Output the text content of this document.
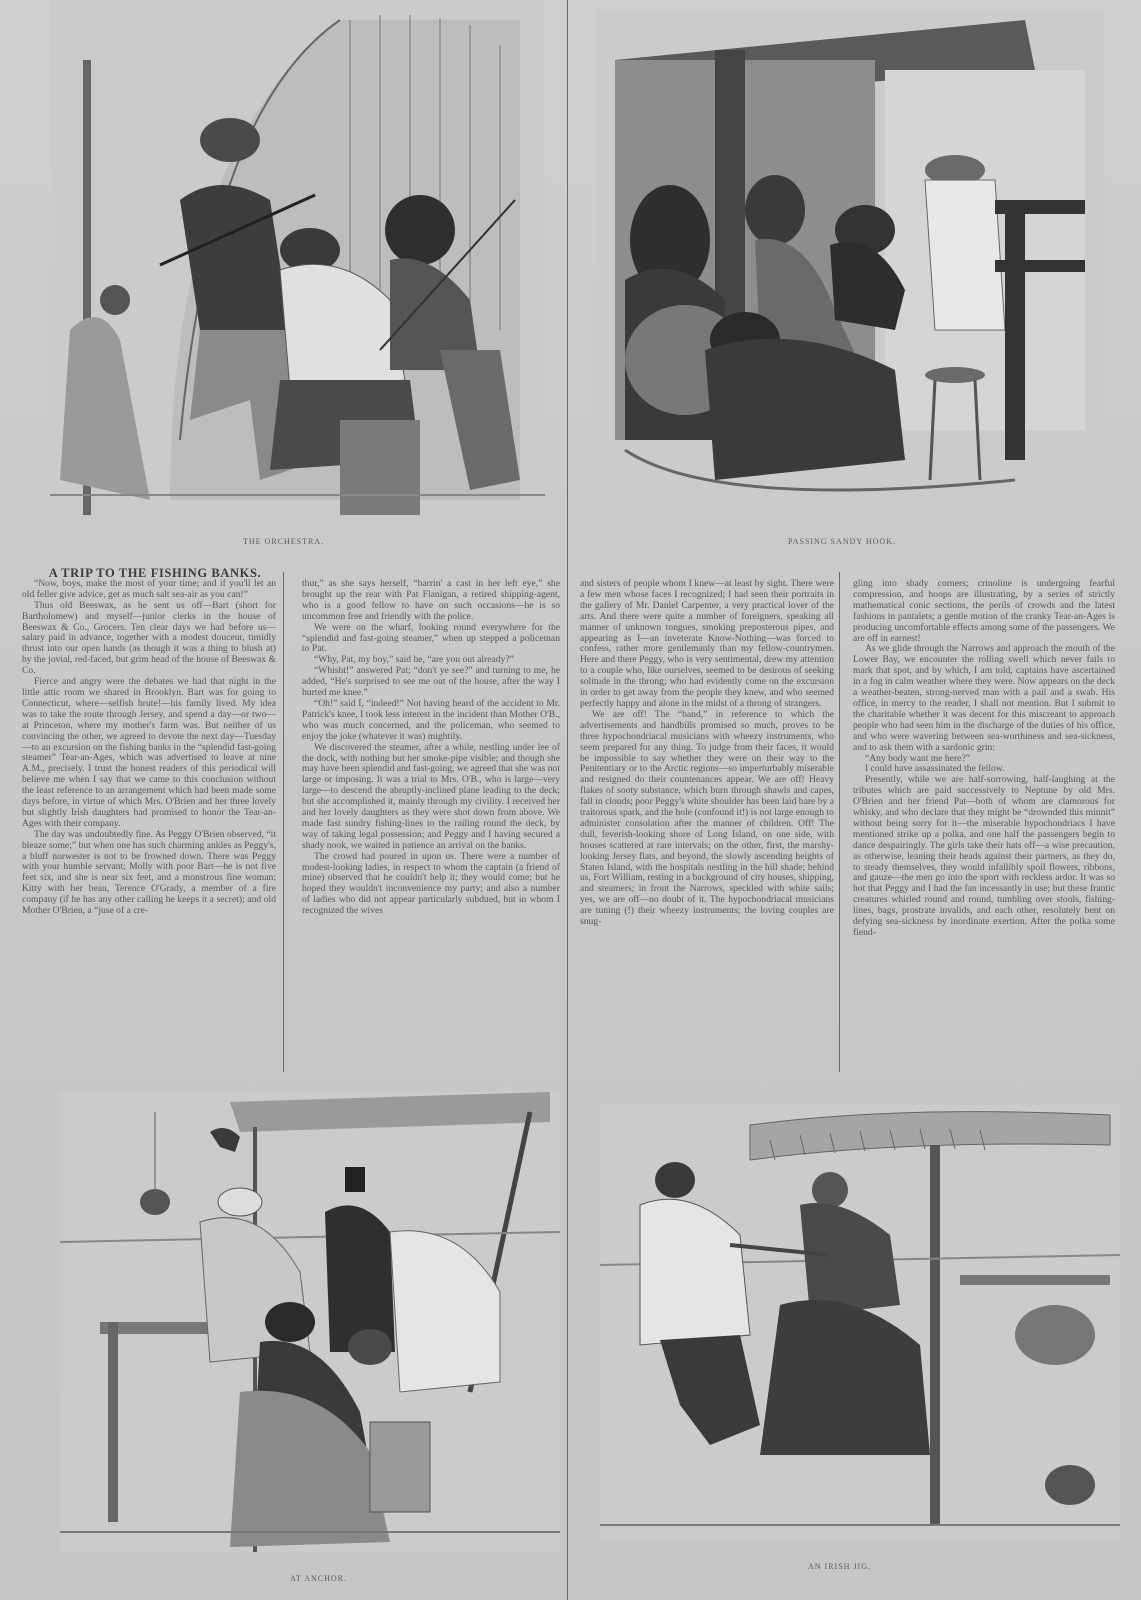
THE ORCHESTRA.	PASSING SANDY HOOK.

A TRIP TO THE FISHING BANKS.

“Now, boys, make the most of your time; and if you'll let an old feller give advice, get as much salt sea-air as you can!”

Thus old Beeswax, as he sent us off—Bart (short for Bartholomew) and myself—junior clerks in the house of Beeswax & Co., Grocers. Ten clear days we had before us—salary paid in advance, together with a modest douceur, timidly thrust into our open hands (as though it was a thing to blush at) by the jovial, red-faced, but grim head of the house of Beeswax & Co.

Fierce and angry were the debates we had that night in the little attic room we shared in Brooklyn. Bart was for going to Connecticut, where—selfish brute!—his family lived. My idea was to take the route through Jersey, and spend a day—or two—at Princeton, where my mother's farm was. But neither of us convincing the other, we agreed to devote the next day—Tuesday—to an excursion on the fishing banks in the “splendid fast-going steamer” Tear-an-Ages, which was advertised to leave at nine A.M., precisely. I trust the honest readers of this periodical will believe me when I say that we came to this conclusion without the least reference to an arrangement which had been made some days before, in virtue of which Mrs. O'Brien and her three lovely but slightly Irish daughters had promised to honor the Tear-an-Ages with their company.

The day was undoubtedly fine. As Peggy O'Brien observed, “it bleaze some;” but when one has such charming ankles as Peggy's, a bluff norwester is not to be frowned down. There was Peggy with your humble servant; Molly with poor Bart—he is not five feet six, and she is near six feet, and a monstrous fine woman; Kitty with her beau, Terence O'Grady, a member of a fire company (if he has any other calling he keeps it a secret); and old Mother O'Brien, a “juse of a cre-

thur,” as she says herself, “barrin' a cast in her left eye,” she brought up the rear with Pat Flanigan, a retired shipping-agent, who is a good fellow to have on such occasions—he is so uncommon free and friendly with the police.

We were on the wharf, looking round everywhere for the “splendid and fast-going steamer,” when up stepped a policeman to Pat.

“Why, Pat, my boy,” said he, “are you out already?”

“Whisht!” answered Pat; “don't ye see?” and turning to me, he added, “He's surprised to see me out of the house, after the way I hurted me knee.”

“Oh!” said I, “indeed!” Not having heard of the accident to Mr. Patrick's knee, I took less interest in the incident than Mother O'B., who was much concerned, and the policeman, who seemed to enjoy the joke (whatever it was) mightily.

We discovered the steamer, after a while, nestling under lee of the dock, with nothing but her smoke-pipe visible; and though she may have been splendid and fast-going, we agreed that she was not large or imposing. It was a trial to Mrs. O'B., who is large—very large—to descend the abruptly-inclined plane leading to the deck; but she accomplished it, mainly through my civility. I received her and her lovely daughters as they were shot down from above. We made fast sundry fishing-lines to the railing round the deck, by way of taking legal possession; and Peggy and I having secured a shady nook, we waited in patience an arrival on the banks.

The crowd had poured in upon us. There were a number of modest-looking ladies, in respect to whom the captain (a friend of mine) observed that he couldn't help it; they would come; but he hoped they wouldn't inconvenience my party; and also a number of ladies who did not appear particularly subdued, but in whom I recognized the wives

and sisters of people whom I knew—at least by sight. There were a few men whose faces I recognized; I had seen their portraits in the gallery of Mr. Daniel Carpenter, a very practical lover of the arts. And there were quite a number of foreigners, speaking all manner of unknown tongues, smoking preposterous pipes, and appearing as I—an inveterate Know-Nothing—was forced to confess, rather more gentlemanly than my fellow-countrymen. Here and there Peggy, who is very sentimental, drew my attention to a couple who, like ourselves, seemed to be desirous of seeking solitude in the throng; who had evidently come on the excursion in order to get away from the people they knew, and who seemed perfectly happy and alone in the midst of a throng of strangers.

We are off! The “band,” in reference to which the advertisements and handbills promised so much, proves to be three hypochondriacal musicians with wheezy instruments, who seem prepared for any thing. To judge from their faces, it would be impossible to say whether they were on their way to the Penitentiary or to the Arctic regions—so imperturbably miserable and resigned do their countenances appear. We are off! Heavy flakes of sooty substance, which burn through shawls and capes, fall in clouds; poor Peggy's white shoulder has been laid bare by a traitorous spark, and the hole (confound it!) is not large enough to administer consolation after the manner of children. Off! The dull, feverish-looking shore of Long Island, on one side, with houses scattered at rare intervals; on the other, first, the marshy-looking Jersey flats, and beyond, the slowly ascending heights of Staten Island, with the hospitals nestling in the hill shade; behind us, Fort William, resting in a background of city houses, shipping, and steamers; in front the Narrows, speckled with white sails; yes, we are off—no doubt of it. The hypochondriacal musicians are tuning (!) their wheezy instruments; the loving couples are snug-

gling into shady corners; crinoline is undergoing fearful compression, and hoops are illustrating, by a series of strictly mathematical conic sections, the perils of crowds and the latest fashions in pantalets; a gentle motion of the cranky Tear-an-Ages is producing uncomfortable effects among some of the passengers. We are off in earnest!

As we glide through the Narrows and approach the mouth of the Lower Bay, we encounter the rolling swell which never fails to mark that spot, and by which, I am told, captains have ascertained in a fog in calm weather where they were. Now appears on the deck a weather-beaten, strong-nerved man with a pail and a swab. His office, in mercy to the reader, I shall not mention. But I submit to the charitable whether it was decent for this miscreant to approach people who had seen him in the discharge of the duties of his office, and who were wavering between sea-worthiness and sea-sickness, and to ask them with a sardonic grin:

“Any body want me here?”

I could have assassinated the fellow.

Presently, while we are half-sorrowing, half-laughing at the tributes which are paid successively to Neptune by old Mrs. O'Brien and her friend Pat—both of whom are clamorous for whisky, and who declare that they might be “drownded this minnit” without being sorry for it—the miserable hypochondriacs I have mentioned strike up a polka, and one half the passengers begin to dance despairingly. The girls take their hats off—a wise precaution, as otherwise, leaning their heads against their partners, as they do, to steady themselves, they would infallibly spoil flowers, ribbons, and gauze—the men go into the sport with reckless ardor. It was so hot that Peggy and I had the fan incessantly in use; but these frantic creatures whirled round and round, tumbling over stools, fishing-lines, bags, prostrate invalids, and each other, resolutely bent on defying sea-sickness by inordinate exertion. After the polka some fiend-

AT ANCHOR.
AN IRISH JIG.
